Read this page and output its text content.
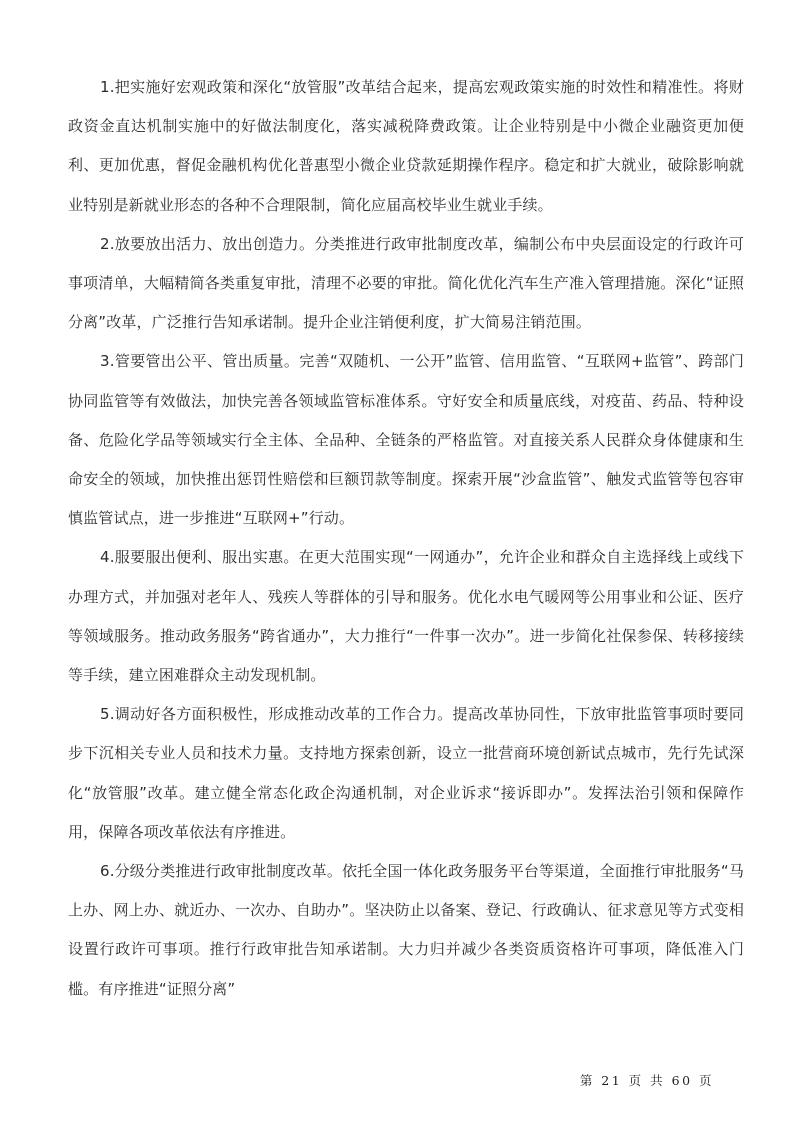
1.把实施好宏观政策和深化“放管服”改革结合起来，提高宏观政策实施的时效性和精准性。将财政资金直达机制实施中的好做法制度化，落实减税降费政策。让企业特别是中小微企业融资更加便利、更加优惠，督促金融机构优化普惠型小微企业贷款延期操作程序。稳定和扩大就业，破除影响就业特别是新就业形态的各种不合理限制，简化应届高校毕业生就业手续。

2.放要放出活力、放出创造力。分类推进行政审批制度改革，编制公布中央层面设定的行政许可事项清单，大幅精简各类重复审批，清理不必要的审批。简化优化汽车生产准入管理措施。深化“证照分离”改革，广泛推行告知承诺制。提升企业注销便利度，扩大简易注销范围。

3.管要管出公平、管出质量。完善“双随机、一公开”监管、信用监管、“互联网+监管”、跨部门协同监管等有效做法，加快完善各领域监管标准体系。守好安全和质量底线，对疫苗、药品、特种设备、危险化学品等领域实行全主体、全品种、全链条的严格监管。对直接关系人民群众身体健康和生命安全的领域，加快推出惩罚性赔偿和巨额罚款等制度。探索开展“沙盒监管”、触发式监管等包容审慎监管试点，进一步推进“互联网+”行动。

4.服要服出便利、服出实惠。在更大范围实现“一网通办”，允许企业和群众自主选择线上或线下办理方式，并加强对老年人、残疾人等群体的引导和服务。优化水电气暖网等公用事业和公证、医疗等领域服务。推动政务服务“跨省通办”，大力推行“一件事一次办”。进一步简化社保参保、转移接续等手续，建立困难群众主动发现机制。

5.调动好各方面积极性，形成推动改革的工作合力。提高改革协同性，下放审批监管事项时要同步下沉相关专业人员和技术力量。支持地方探索创新，设立一批营商环境创新试点城市，先行先试深化“放管服”改革。建立健全常态化政企沟通机制，对企业诉求“接诉即办”。发挥法治引领和保障作用，保障各项改革依法有序推进。

6.分级分类推进行政审批制度改革。依托全国一体化政务服务平台等渠道，全面推行审批服务“马上办、网上办、就近办、一次办、自助办”。坚决防止以备案、登记、行政确认、征求意见等方式变相设置行政许可事项。推行行政审批告知承诺制。大力归并减少各类资质资格许可事项，降低准入门槛。有序推进“证照分离”

第 21 页 共 60 页
